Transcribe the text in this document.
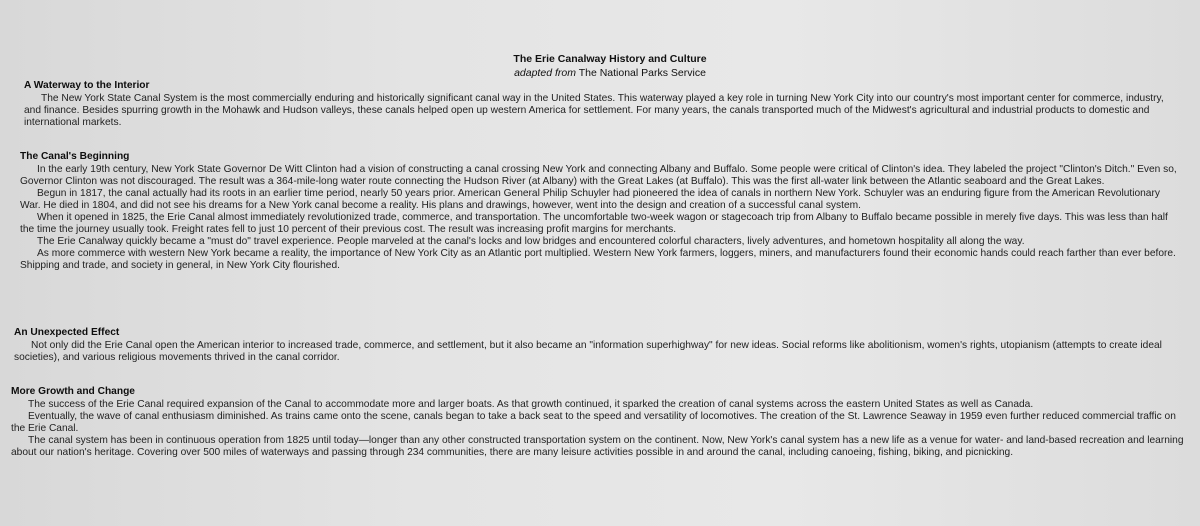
The Erie Canalway History and Culture
adapted from The National Parks Service
A Waterway to the Interior

The New York State Canal System is the most commercially enduring and historically significant canal way in the United States. This waterway played a key role in turning New York City into our country's most important center for commerce, industry, and finance. Besides spurring growth in the Mohawk and Hudson valleys, these canals helped open up western America for settlement. For many years, the canals transported much of the Midwest's agricultural and industrial products to domestic and international markets.

The Canal's Beginning

In the early 19th century, New York State Governor De Witt Clinton had a vision of constructing a canal crossing New York and connecting Albany and Buffalo. Some people were critical of Clinton's idea. They labeled the project "Clinton's Ditch." Even so, Governor Clinton was not discouraged. The result was a 364-mile-long water route connecting the Hudson River (at Albany) with the Great Lakes (at Buffalo). This was the first all-water link between the Atlantic seaboard and the Great Lakes.

Begun in 1817, the canal actually had its roots in an earlier time period, nearly 50 years prior. American General Philip Schuyler had pioneered the idea of canals in northern New York. Schuyler was an enduring figure from the American Revolutionary War. He died in 1804, and did not see his dreams for a New York canal become a reality. His plans and drawings, however, went into the design and creation of a successful canal system.

When it opened in 1825, the Erie Canal almost immediately revolutionized trade, commerce, and transportation. The uncomfortable two-week wagon or stagecoach trip from Albany to Buffalo became possible in merely five days. This was less than half the time the journey usually took. Freight rates fell to just 10 percent of their previous cost. The result was increasing profit margins for merchants.

The Erie Canalway quickly became a "must do" travel experience. People marveled at the canal's locks and low bridges and encountered colorful characters, lively adventures, and hometown hospitality all along the way.

As more commerce with western New York became a reality, the importance of New York City as an Atlantic port multiplied. Western New York farmers, loggers, miners, and manufacturers found their economic hands could reach farther than ever before. Shipping and trade, and society in general, in New York City flourished.

An Unexpected Effect

Not only did the Erie Canal open the American interior to increased trade, commerce, and settlement, but it also became an "information superhighway" for new ideas. Social reforms like abolitionism, women's rights, utopianism (attempts to create ideal societies), and various religious movements thrived in the canal corridor.

More Growth and Change

The success of the Erie Canal required expansion of the Canal to accommodate more and larger boats. As that growth continued, it sparked the creation of canal systems across the eastern United States as well as Canada.

Eventually, the wave of canal enthusiasm diminished. As trains came onto the scene, canals began to take a back seat to the speed and versatility of locomotives. The creation of the St. Lawrence Seaway in 1959 even further reduced commercial traffic on the Erie Canal.

The canal system has been in continuous operation from 1825 until today—longer than any other constructed transportation system on the continent. Now, New York's canal system has a new life as a venue for water- and land-based recreation and learning about our nation's heritage. Covering over 500 miles of waterways and passing through 234 communities, there are many leisure activities possible in and around the canal, including canoeing, fishing, biking, and picnicking.
